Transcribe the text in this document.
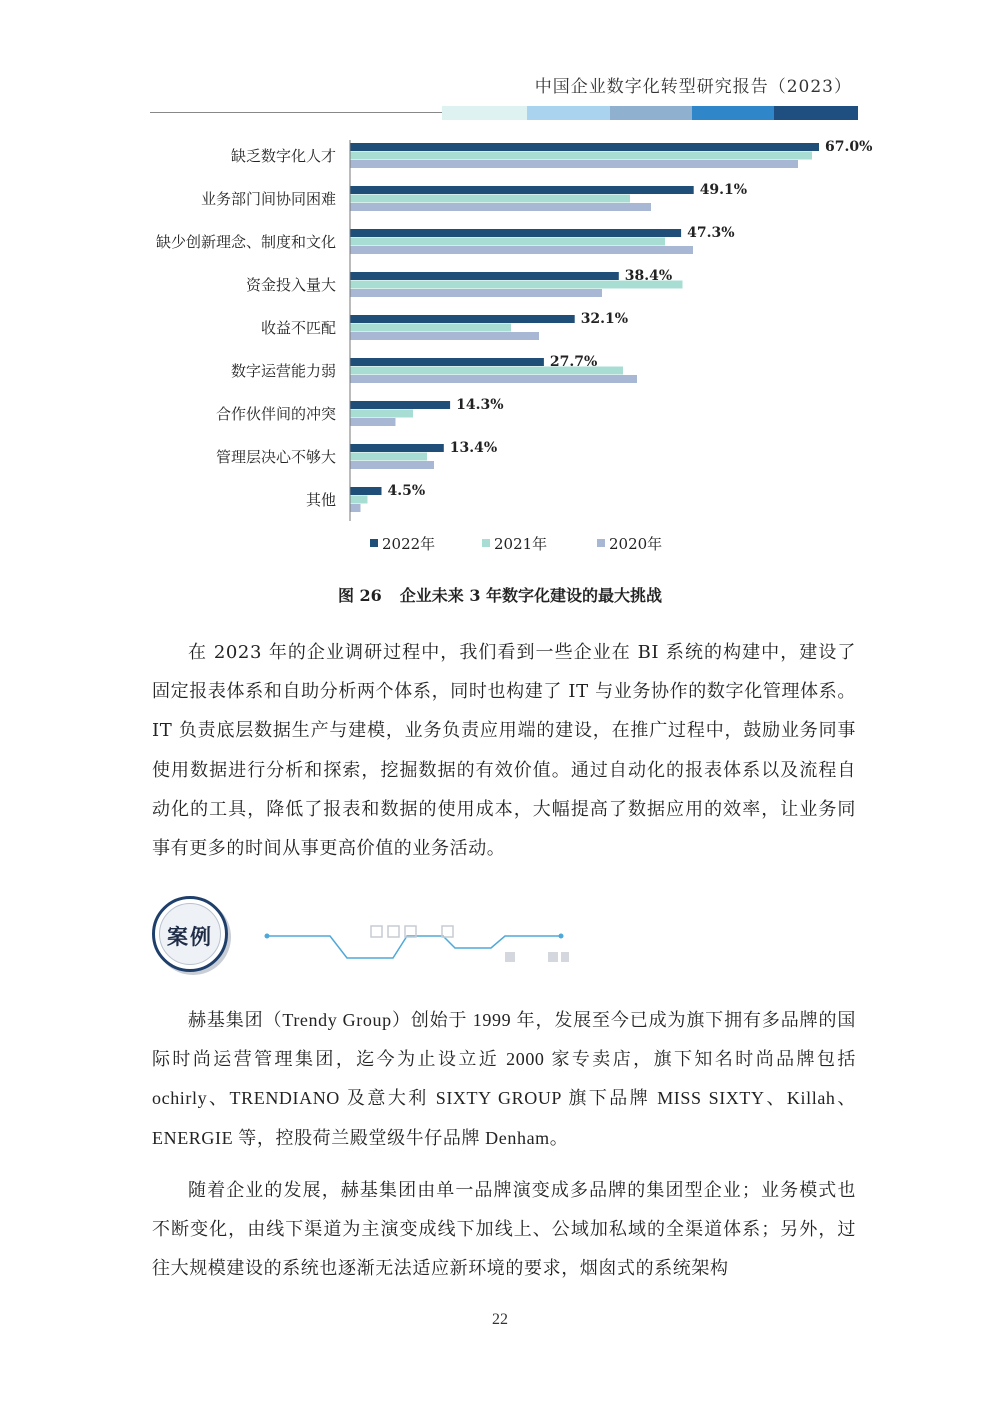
中国企业数字化转型研究报告（2023）
缺乏数字化人才	67.0%
业务部门间协同困难	49.1%
缺少创新理念、制度和文化	47.3%
资金投入量大	38.4%
收益不匹配	32.1%
数字运营能力弱	27.7%
合作伙伴间的冲突	14.3%
管理层决心不够大	13.4%
其他	4.5%
2022年	2021年	2020年
图 26 企业未来 3 年数字化建设的最大挑战

在 2023 年的企业调研过程中，我们看到一些企业在 BI 系统的构建中，建设了固定报表体系和自助分析两个体系，同时也构建了 IT 与业务协作的数字化管理体系。IT 负责底层数据生产与建模，业务负责应用端的建设，在推广过程中，鼓励业务同事使用数据进行分析和探索，挖掘数据的有效价值。通过自动化的报表体系以及流程自动化的工具，降低了报表和数据的使用成本，大幅提高了数据应用的效率，让业务同事有更多的时间从事更高价值的业务活动。

案例

赫基集团（Trendy Group）创始于 1999 年，发展至今已成为旗下拥有多品牌的国际时尚运营管理集团，迄今为止设立近 2000 家专卖店，旗下知名时尚品牌包括 ochirly、TRENDIANO 及意大利 SIXTY GROUP 旗下品牌 MISS SIXTY、Killah、ENERGIE 等，控股荷兰殿堂级牛仔品牌 Denham。

随着企业的发展，赫基集团由单一品牌演变成多品牌的集团型企业；业务模式也不断变化，由线下渠道为主演变成线下加线上、公域加私域的全渠道体系；另外，过往大规模建设的系统也逐渐无法适应新环境的要求，烟囱式的系统架构

22
